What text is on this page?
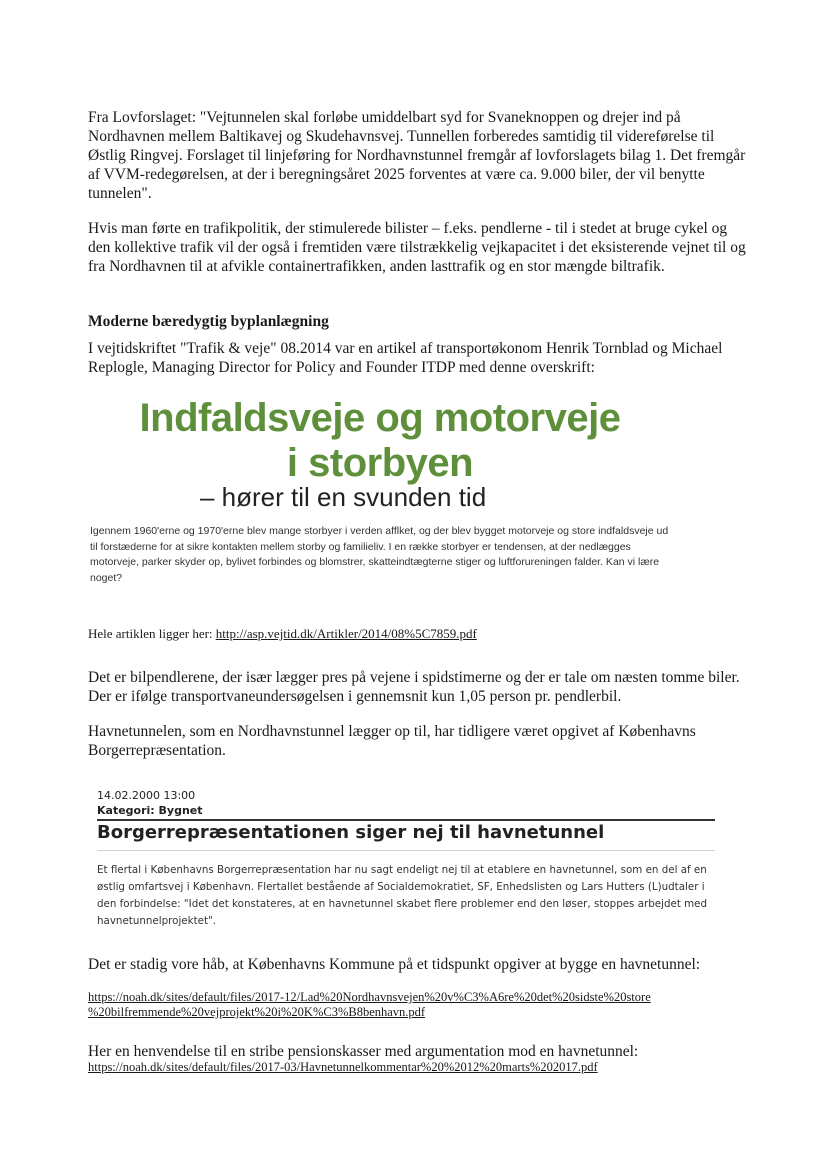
Fra Lovforslaget: "Vejtunnelen skal forløbe umiddelbart syd for Svaneknoppen og drejer ind på Nordhavnen mellem Baltikavej og Skudehavnsvej. Tunnellen forberedes samtidig til videreførelse til Østlig Ringvej. Forslaget til linjeføring for Nordhavnstunnel fremgår af lovforslagets bilag 1. Det fremgår af VVM-redegørelsen, at der i beregningsåret 2025 forventes at være ca. 9.000 biler, der vil benytte tunnelen".

Hvis man førte en trafikpolitik, der stimulerede bilister – f.eks. pendlerne - til i stedet at bruge cykel og den kollektive trafik vil der også i fremtiden være tilstrækkelig vejkapacitet i det eksisterende vejnet til og fra Nordhavnen til at afvikle containertrafikken, anden lasttrafik og en stor mængde biltrafik.

Moderne bæredygtig byplanlægning

I vejtidskriftet "Trafik & veje" 08.2014 var en artikel af transportøkonom Henrik Tornblad og Michael Replogle, Managing Director for Policy and Founder ITDP med denne overskrift:

Indfaldsveje og motorveje
i storbyen
– hører til en svunden tid
Igennem 1960'erne og 1970'erne blev mange storbyer i verden afflket, og der blev bygget motorveje og store indfaldsveje ud til forstæderne for at sikre kontakten mellem storby og familieliv. I en række storbyer er tendensen, at der nedlægges motorveje, parker skyder op, bylivet forbindes og blomstrer, skatteindtægterne stiger og luftforureningen falder. Kan vi lære noget?
Hele artiklen ligger her: http://asp.vejtid.dk/Artikler/2014/08%5C7859.pdf

Det er bilpendlerene, der især lægger pres på vejene i spidstimerne og der er tale om næsten tomme biler. Der er ifølge transportvaneundersøgelsen i gennemsnit kun 1,05 person pr. pendlerbil.

Havnetunnelen, som en Nordhavnstunnel lægger op til, har tidligere været opgivet af Københavns Borgerrepræsentation.

14.02.2000 13:00
Kategori: Bygnet
Borgerrepræsentationen siger nej til havnetunnel
Et flertal i Københavns Borgerrepræsentation har nu sagt endeligt nej til at etablere en havnetunnel, som en del af en østlig omfartsvej i København. Flertallet bestående af Socialdemokratiet, SF, Enhedslisten og Lars Hutters (L)udtaler i den forbindelse: "Idet det konstateres, at en havnetunnel skabet flere problemer end den løser, stoppes arbejdet med havnetunnelprojektet".

Det er stadig vore håb, at Københavns Kommune på et tidspunkt opgiver at bygge en havnetunnel:

https://noah.dk/sites/default/files/2017-12/Lad%20Nordhavnsvejen%20v%C3%A6re%20det%20sidste%20store
%20bilfremmende%20vejprojekt%20i%20K%C3%B8benhavn.pdf

Her en henvendelse til en stribe pensionskasser med argumentation mod en havnetunnel:

https://noah.dk/sites/default/files/2017-03/Havnetunnelkommentar%20%2012%20marts%202017.pdf
